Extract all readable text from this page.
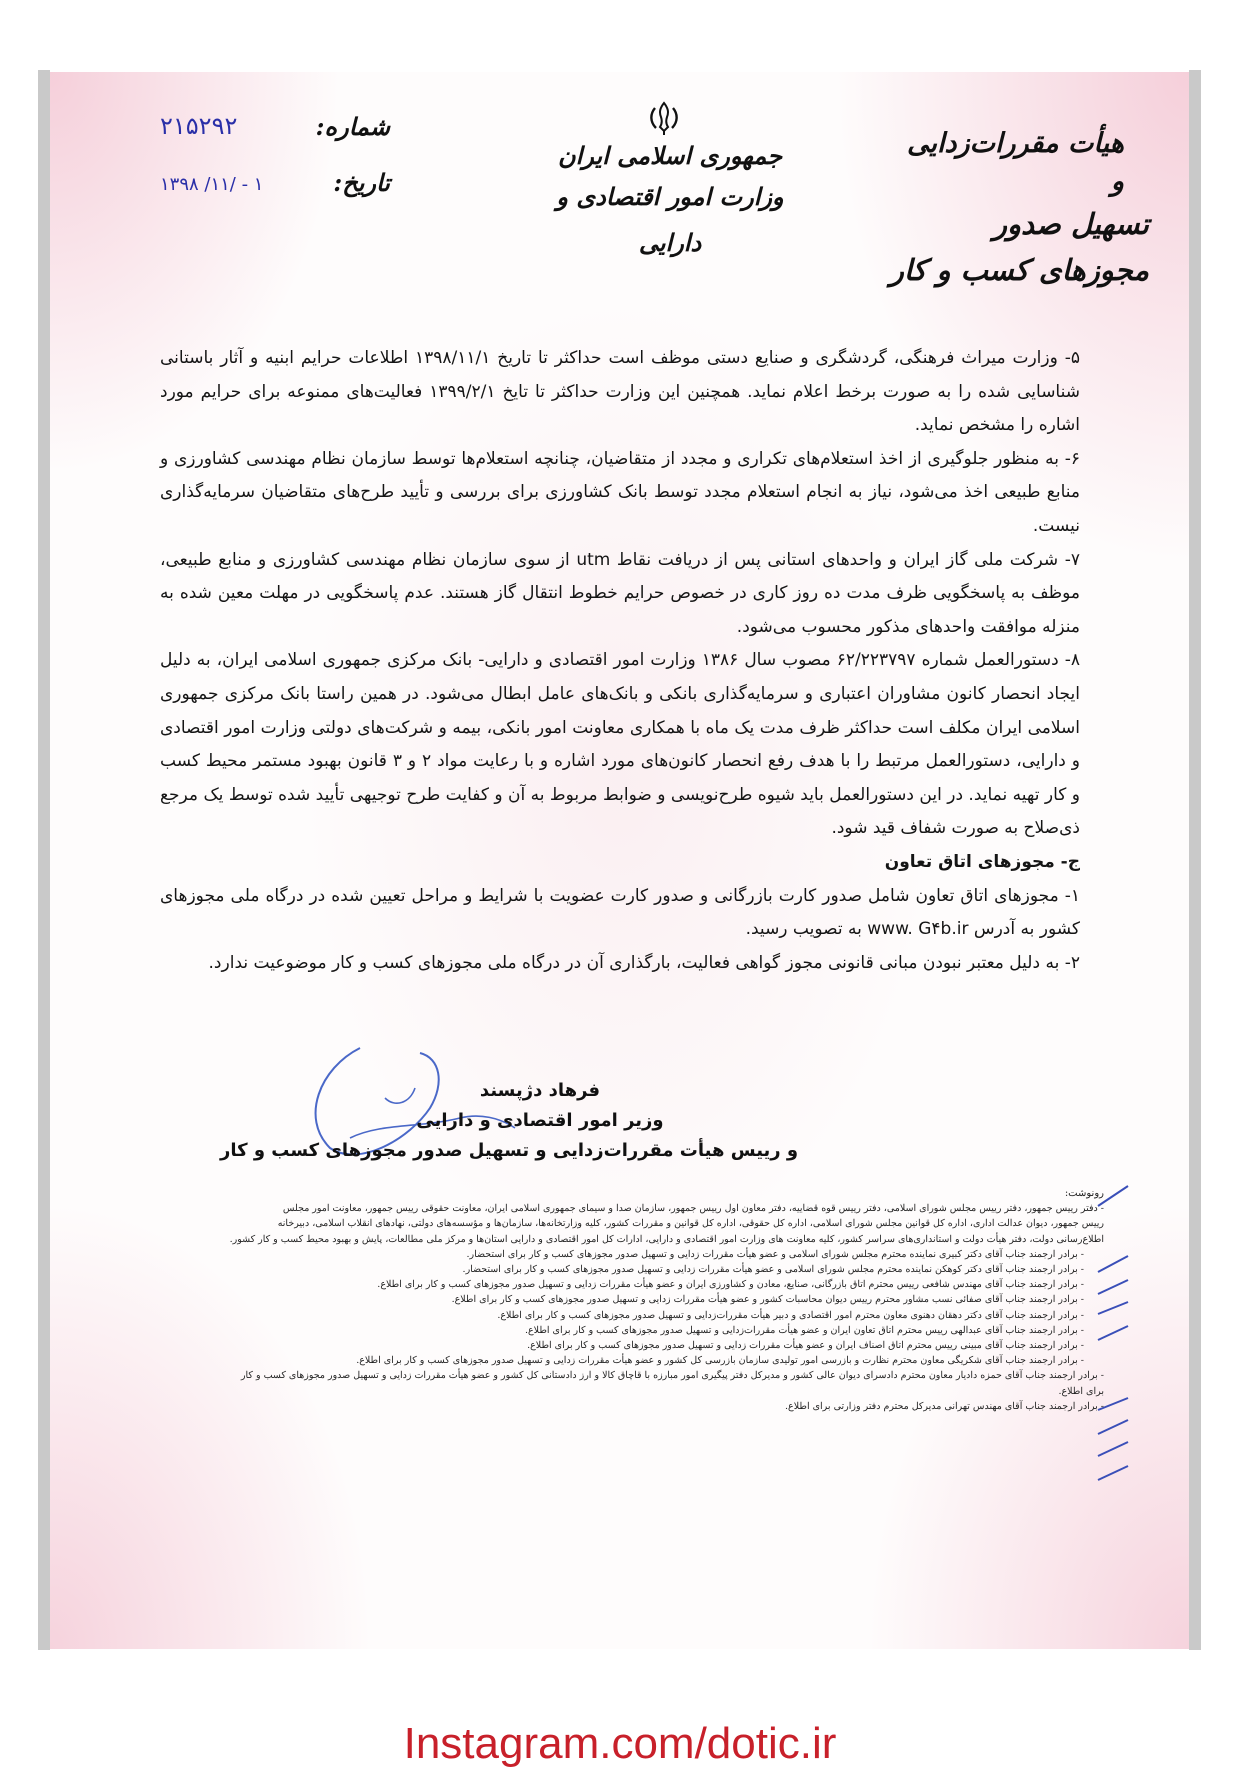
هیأت مقررات‌زدایی و
تسهیل صدور مجوزهای کسب و کار
جمهوری اسلامی ایران
وزارت امور اقتصادی و دارایی
شماره:
۲۱۵۲۹۲
تاریخ:
۱۳۹۸ /۱۱/ - ۱

۵- وزارت میراث فرهنگی، گردشگری و صنایع دستی موظف است حداکثر تا تاریخ ۱۳۹۸/۱۱/۱ اطلاعات حرایم ابنیه و آثار باستانی شناسایی شده را به صورت برخط اعلام نماید. همچنین این وزارت حداکثر تا تایخ ۱۳۹۹/۲/۱ فعالیت‌های ممنوعه برای حرایم مورد اشاره را مشخص نماید.

۶- به منظور جلوگیری از اخذ استعلام‌های تکراری و مجدد از متقاضیان، چنانچه استعلام‌ها توسط سازمان نظام مهندسی کشاورزی و منابع طبیعی اخذ می‌شود، نیاز به انجام استعلام مجدد توسط بانک کشاورزی برای بررسی و تأیید طرح‌های متقاضیان سرمایه‌گذاری نیست.

۷- شرکت ملی گاز ایران و واحدهای استانی پس از دریافت نقاط utm از سوی سازمان نظام مهندسی کشاورزی و منابع طبیعی، موظف به پاسخگویی ظرف مدت ده روز کاری در خصوص حرایم خطوط انتقال گاز هستند. عدم پاسخگویی در مهلت معین شده به منزله موافقت واحدهای مذکور محسوب می‌شود.

۸- دستورالعمل شماره ۶۲/۲۲۳۷۹۷ مصوب سال ۱۳۸۶ وزارت امور اقتصادی و دارایی- بانک مرکزی جمهوری اسلامی ایران، به دلیل ایجاد انحصار کانون مشاوران اعتباری و سرمایه‌گذاری بانکی و بانک‌های عامل ابطال می‌شود. در همین راستا بانک مرکزی جمهوری اسلامی ایران مکلف است حداکثر ظرف مدت یک ماه با همکاری معاونت امور بانکی، بیمه و شرکت‌های دولتی وزارت امور اقتصادی و دارایی، دستورالعمل مرتبط را با هدف رفع انحصار کانون‌های مورد اشاره و با رعایت مواد ۲ و ۳ قانون بهبود مستمر محیط کسب و کار تهیه نماید. در این دستورالعمل باید شیوه طرح‌نویسی و ضوابط مربوط به آن و کفایت طرح توجیهی تأیید شده توسط یک مرجع ذی‌صلاح به صورت شفاف قید شود.

ج- مجوزهای اتاق تعاون

۱- مجوزهای اتاق تعاون شامل صدور کارت بازرگانی و صدور کارت عضویت با شرایط و مراحل تعیین شده در درگاه ملی مجوزهای کشور به آدرس www. G۴b.ir به تصویب رسید.

۲- به دلیل معتبر نبودن مبانی قانونی مجوز گواهی فعالیت، بارگذاری آن در درگاه ملی مجوزهای کسب و کار موضوعیت ندارد.

فرهاد دژپسند
وزیر امور اقتصادی و دارایی
و رییس هیأت مقررات‌زدایی و تسهیل صدور مجوزهای کسب و کار
رونوشت:
- دفتر رییس جمهور، دفتر رییس مجلس شورای اسلامی، دفتر رییس قوه قضاییه، دفتر معاون اول رییس جمهور، سازمان صدا و سیمای جمهوری اسلامی ایران، معاونت حقوقی رییس جمهور، معاونت امور مجلس
رییس جمهور، دیوان عدالت اداری، اداره کل قوانین مجلس شورای اسلامی، اداره کل حقوقی، اداره کل قوانین و مقررات کشور، کلیه وزارتخانه‌ها، سازمان‌ها و مؤسسه‌های دولتی، نهادهای انقلاب اسلامی، دبیرخانه
اطلاع‌رسانی دولت، دفتر هیأت دولت و استانداری‌های سراسر کشور، کلیه معاونت های وزارت امور اقتصادی و دارایی، ادارات کل امور اقتصادی و دارایی استان‌ها و مرکز ملی مطالعات، پایش و بهبود محیط کسب و کار کشور.
- برادر ارجمند جناب آقای دکتر کبیری نماینده محترم مجلس شورای اسلامی و عضو هیأت مقررات زدایی و تسهیل صدور مجوزهای کسب و کار برای استحضار.
- برادر ارجمند جناب آقای دکتر کوهکن نماینده محترم مجلس شورای اسلامی و عضو هیأت مقررات زدایی و تسهیل صدور مجوزهای کسب و کار برای استحضار.
- برادر ارجمند جناب آقای مهندس شافعی رییس محترم اتاق بازرگانی، صنایع، معادن و کشاورزی ایران و عضو هیأت مقررات زدایی و تسهیل صدور مجوزهای کسب و کار برای اطلاع.
- برادر ارجمند جناب آقای صفائی نسب مشاور محترم رییس دیوان محاسبات کشور و عضو هیأت مقررات زدایی و تسهیل صدور مجوزهای کسب و کار برای اطلاع.
- برادر ارجمند جناب آقای دکتر دهقان دهنوی معاون محترم امور اقتصادی و دبیر هیأت مقررات‌زدایی و تسهیل صدور مجوزهای کسب و کار برای اطلاع.
- برادر ارجمند جناب آقای عبدالهی رییس محترم اتاق تعاون ایران و عضو هیأت مقررات‌زدایی و تسهیل صدور مجوزهای کسب و کار برای اطلاع.
- برادر ارجمند جناب آقای مبینی رییس محترم اتاق اصناف ایران و عضو هیأت مقررات زدایی و تسهیل صدور مجوزهای کسب و کار برای اطلاع.
- برادر ارجمند جناب آقای شکریگی معاون محترم نظارت و بازرسی امور تولیدی سازمان بازرسی کل کشور و عضو هیأت مقررات زدایی و تسهیل صدور مجوزهای کسب و کار برای اطلاع.
- برادر ارجمند جناب آقای حمزه دادیار معاون محترم دادسرای دیوان عالی کشور و مدیرکل دفتر پیگیری امور مبارزه با قاچاق کالا و ارز دادستانی کل کشور و عضو هیأت مقررات زدایی و تسهیل صدور مجوزهای کسب و کار
برای اطلاع.
- برادر ارجمند جناب آقای مهندس تهرانی مدیرکل محترم دفتر وزارتی برای اطلاع.
Instagram.com/dotic.ir
